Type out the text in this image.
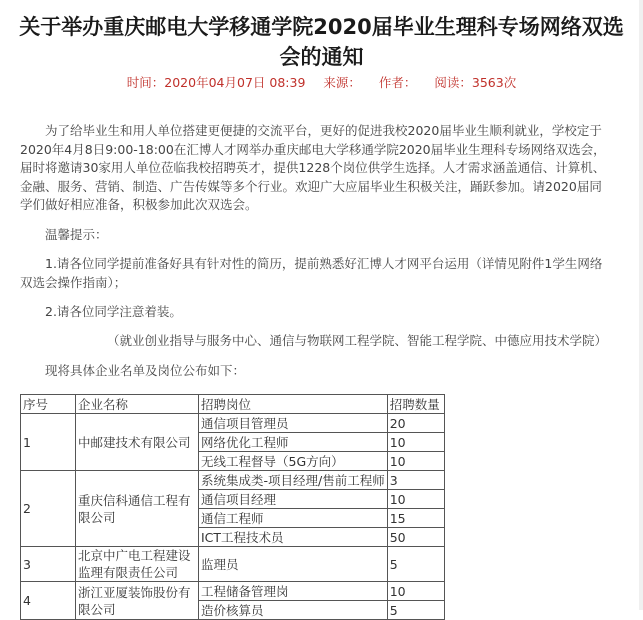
关于举办重庆邮电大学移通学院2020届毕业生理科专场网络双选会的通知
时间：2020年04月07日 08:39 来源： 作者： 阅读：3563次
为了给毕业生和用人单位搭建更便捷的交流平台，更好的促进我校2020届毕业生顺利就业，学校定于2020年4月8日9:00-18:00在汇博人才网举办重庆邮电大学移通学院2020届毕业生理科专场网络双选会，届时将邀请30家用人单位莅临我校招聘英才，提供1228个岗位供学生选择。人才需求涵盖通信、计算机、金融、服务、营销、制造、广告传媒等多个行业。欢迎广大应届毕业生积极关注，踊跃参加。请2020届同学们做好相应准备，积极参加此次双选会。
温馨提示：
1.请各位同学提前准备好具有针对性的简历，提前熟悉好汇博人才网平台运用（详情见附件1学生网络双选会操作指南）；
2.请各位同学注意着装。
（就业创业指导与服务中心、通信与物联网工程学院、智能工程学院、中德应用技术学院）
现将具体企业名单及岗位公布如下：
序号	企业名称	招聘岗位	招聘数量
1	中邮建技术有限公司	通信项目管理员	20
		网络优化工程师	10
		无线工程督导（5G方向）	10
2	重庆信科通信工程有限公司	系统集成类-项目经理/售前工程师	3
		通信项目经理	10
		通信工程师	15
		ICT工程技术员	50
3	北京中广电工程建设监理有限责任公司	监理员	5
4	浙江亚厦装饰股份有限公司	工程储备管理岗	10
		造价核算员	5
